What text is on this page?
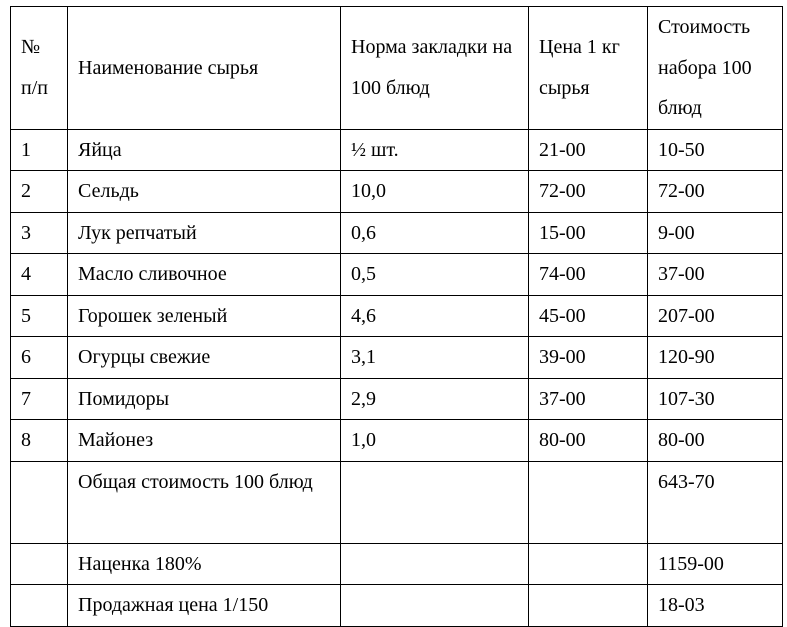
№ п/п	Наименование сырья	Норма закладки на 100 блюд	Цена 1 кг сырья	Стоимость набора 100 блюд

1	Яйца	½ шт.	21-00	10-50
2	Сельдь	10,0	72-00	72-00
3	Лук репчатый	0,6	15-00	9-00
4	Масло сливочное	0,5	74-00	37-00
5	Горошек зеленый	4,6	45-00	207-00
6	Огурцы свежие	3,1	39-00	120-90
7	Помидоры	2,9	37-00	107-30
8	Майонез	1,0	80-00	80-00

	Общая стоимость 100 блюд			643-70
	Наценка 180%			1159-00
	Продажная цена 1/150			18-03
